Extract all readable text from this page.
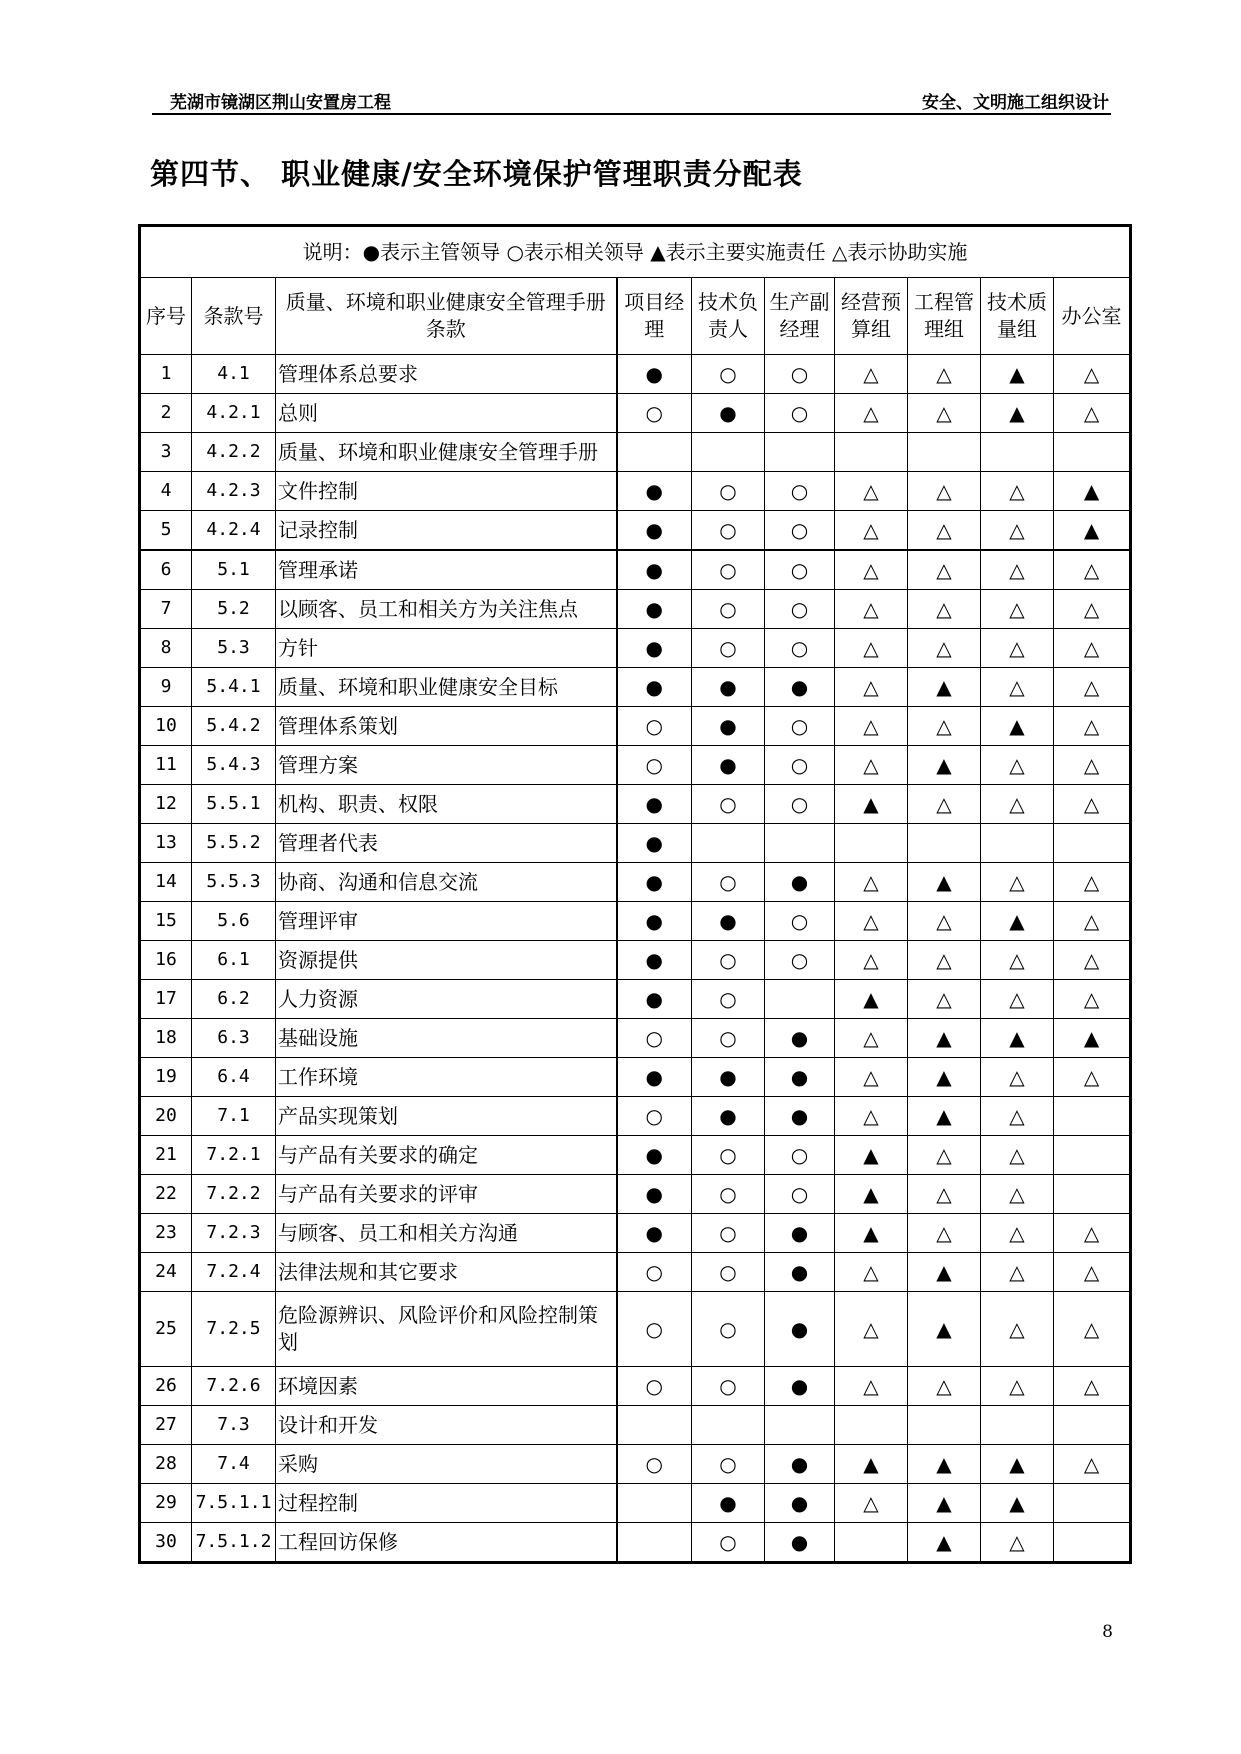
芜湖市镜湖区荆山安置房工程	安全、文明施工组织设计
第四节、 职业健康/安全环境保护管理职责分配表
说明：●表示主管领导 ○表示相关领导 ▲表示主要实施责任 △表示协助实施									
序号	条款号	质量、环境和职业健康安全管理手册条款	项目经理	技术负责人	生产副经理	经营预算组	工程管理组	技术质量组	办公室
1	4.1	管理体系总要求	●	○	○	△	△	▲	△
2	4.2.1	总则	○	●	○	△	△	▲	△
3	4.2.2	质量、环境和职业健康安全管理手册							
4	4.2.3	文件控制	●	○	○	△	△	△	▲
5	4.2.4	记录控制	●	○	○	△	△	△	▲
6	5.1	管理承诺	●	○	○	△	△	△	△
7	5.2	以顾客、员工和相关方为关注焦点	●	○	○	△	△	△	△
8	5.3	方针	●	○	○	△	△	△	△
9	5.4.1	质量、环境和职业健康安全目标	●	●	●	△	▲	△	△
10	5.4.2	管理体系策划	○	●	○	△	△	▲	△
11	5.4.3	管理方案	○	●	○	△	▲	△	△
12	5.5.1	机构、职责、权限	●	○	○	▲	△	△	△
13	5.5.2	管理者代表	●						
14	5.5.3	协商、沟通和信息交流	●	○	●	△	▲	△	△
15	5.6	管理评审	●	●	○	△	△	▲	△
16	6.1	资源提供	●	○	○	△	△	△	△
17	6.2	人力资源	●	○		▲	△	△	△
18	6.3	基础设施	○	○	●	△	▲	▲	▲
19	6.4	工作环境	●	●	●	△	▲	△	△
20	7.1	产品实现策划	○	●	●	△	▲	△	
21	7.2.1	与产品有关要求的确定	●	○	○	▲	△	△	
22	7.2.2	与产品有关要求的评审	●	○	○	▲	△	△	
23	7.2.3	与顾客、员工和相关方沟通	●	○	●	▲	△	△	△
24	7.2.4	法律法规和其它要求	○	○	●	△	▲	△	△
25	7.2.5	危险源辨识、风险评价和风险控制策划	○	○	●	△	▲	△	△
26	7.2.6	环境因素	○	○	●	△	△	△	△
27	7.3	设计和开发							
28	7.4	采购	○	○	●	▲	▲	▲	△
29	7.5.1.1	过程控制		●	●	△	▲	▲	
30	7.5.1.2	工程回访保修		○	●		▲	△	
8
